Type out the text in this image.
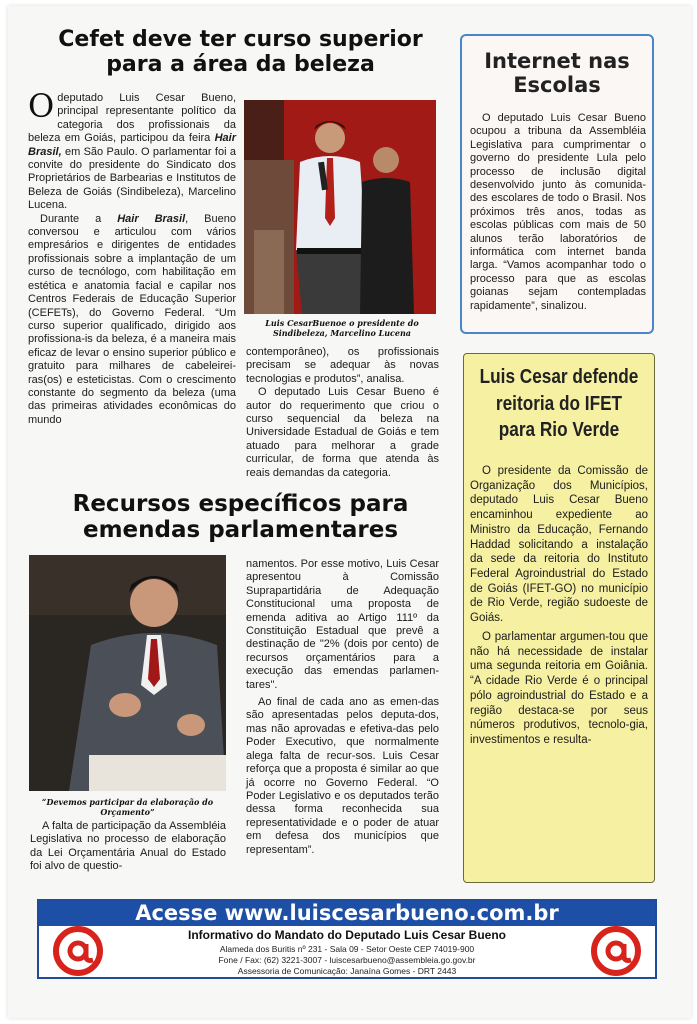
Cefet deve ter curso superior para a área da beleza

O deputado Luis Cesar Bueno, principal representante político da categoria dos profissionais da beleza em Goiás, participou da feira Hair Brasil, em São Paulo. O parlamentar foi a convite do presidente do Sindicato dos Proprietários de Barbearias e Institutos de Beleza de Goiás (Sindibeleza), Marcelino Lucena.

Durante a Hair Brasil, Bueno conversou e articulou com vários empresários e dirigentes de entidades profissionais sobre a implantação de um curso de tecnólogo, com habilitação em estética e anatomia facial e capilar nos Centros Federais de Educação Superior (CEFETs), do Governo Federal. “Um curso superior qualificado, dirigido aos profissiona-is da beleza, é a maneira mais eficaz de levar o ensino superior público e gratuito para milhares de cabeleirei-ras(os) e esteticistas. Com o crescimento constante do segmento da beleza (uma das primeiras atividades econômicas do mundo

Luis CesarBuenoe o presidente do Sindibeleza, Marcelino Lucena

contemporâneo), os profissionais precisam se adequar às novas tecnologias e produtos”, analisa.

O deputado Luis Cesar Bueno é autor do requerimento que criou o curso sequencial da beleza na Universidade Estadual de Goiás e tem atuado para melhorar a grade curricular, de forma que atenda às reais demandas da categoria.

Recursos específicos para emendas parlamentares
“Devemos participar da elaboração do Orçamento”

A falta de participação da Assembléia Legislativa no processo de elaboração da Lei Orçamentária Anual do Estado foi alvo de questio-

namentos. Por esse motivo, Luis Cesar apresentou à Comissão Suprapartidária de Adequação Constitucional uma proposta de emenda aditiva ao Artigo 111º da Constituição Estadual que prevê a destinação de "2% (dois por cento) de recursos orçamentários para a execução das emendas parlamen-tares".

Ao final de cada ano as emen-das são apresentadas pelos deputa-dos, mas não aprovadas e efetiva-das pelo Poder Executivo, que normalmente alega falta de recur-sos. Luis Cesar reforça que a proposta é similar ao que já ocorre no Governo Federal. “O Poder Legislativo e os deputados terão dessa forma reconhecida sua representatividade e o poder de atuar em defesa dos municípios que representam”.

Internet nas Escolas

O deputado Luis Cesar Bueno ocupou a tribuna da Assembléia Legislativa para cumprimentar o governo do presidente Lula pelo processo de inclusão digital desenvolvido junto às comunida-des escolares de todo o Brasil. Nos próximos três anos, todas as escolas públicas com mais de 50 alunos terão laboratórios de informática com internet banda larga. “Vamos acompanhar todo o processo para que as escolas goianas sejam contempladas rapidamente”, sinalizou.

Luis Cesar defende reitoria do IFET para Rio Verde

O presidente da Comissão de Organização dos Municípios, deputado Luis Cesar Bueno encaminhou expediente ao Ministro da Educação, Fernando Haddad solicitando a instalação da sede da reitoria do Instituto Federal Agroindustrial do Estado de Goiás (IFET-GO) no município de Rio Verde, região sudoeste de Goiás.

O parlamentar argumen-tou que não há necessidade de instalar uma segunda reitoria em Goiânia. “A cidade Rio Verde é o principal pólo agroindustrial do Estado e a região destaca-se por seus números produtivos, tecnolo-gia, investimentos e resulta-

Acesse www.luiscesarbueno.com.br
Informativo do Mandato do Deputado Luis Cesar Bueno
Alameda dos Buritis nº 231 - Sala 09 - Setor Oeste CEP 74019-900
Fone / Fax: (62) 3221-3007 - luiscesarbueno@assembleia.go.gov.br
Assessoria de Comunicação: Janaína Gomes - DRT 2443
